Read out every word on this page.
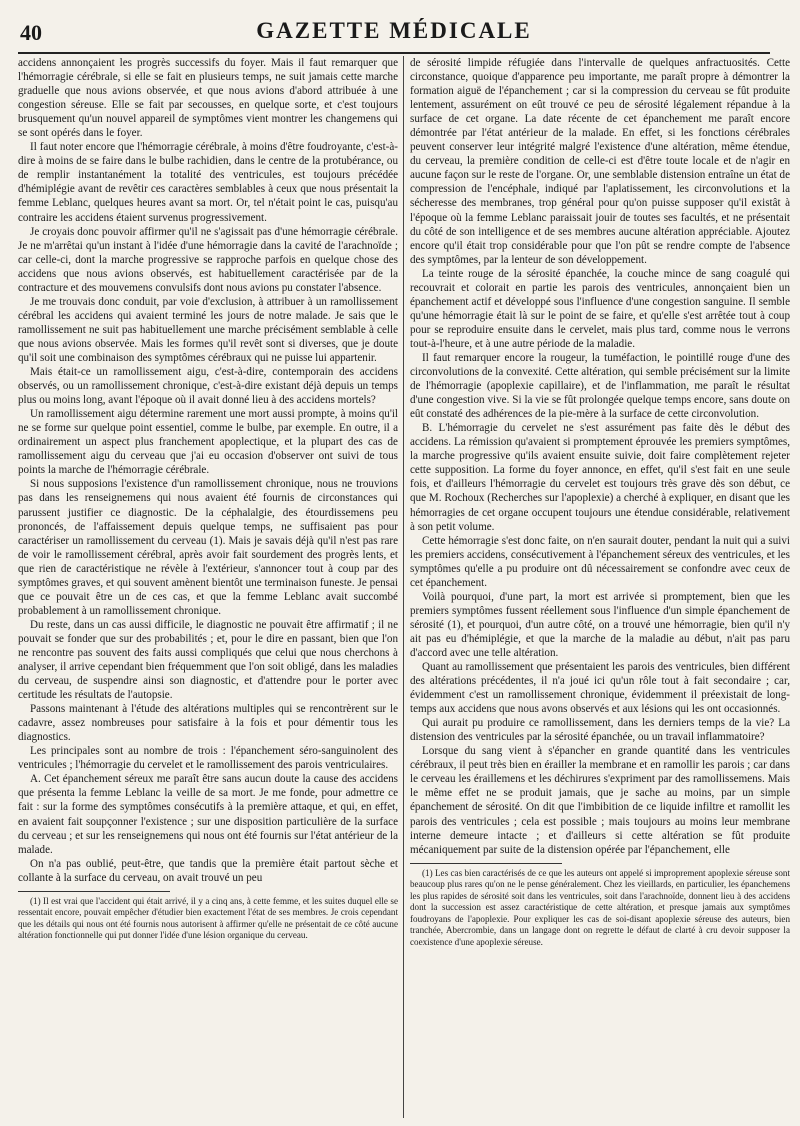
40	GAZETTE MÉDICALE

accidens annonçaient les progrès successifs du foyer. Mais il faut remarquer que l'hémorragie cérébrale, si elle se fait en plusieurs temps, ne suit jamais cette marche graduelle que nous avions observée, et que nous avions d'abord attribuée à une congestion séreuse. Elle se fait par secousses, en quelque sorte, et c'est toujours brusquement qu'un nouvel appareil de symptômes vient montrer les changemens qui se sont opérés dans le foyer.

Il faut noter encore que l'hémorragie cérébrale, à moins d'être foudroyante, c'est-à-dire à moins de se faire dans le bulbe rachidien, dans le centre de la protubérance, ou de remplir instantanément la totalité des ventricules, est toujours précédée d'hémiplégie avant de revêtir ces caractères semblables à ceux que nous présentait la femme Leblanc, quelques heures avant sa mort. Or, tel n'était point le cas, puisqu'au contraire les accidens étaient survenus progressivement.

Je croyais donc pouvoir affirmer qu'il ne s'agissait pas d'une hémorragie cérébrale. Je ne m'arrêtai qu'un instant à l'idée d'une hémorragie dans la cavité de l'arachnoïde ; car celle-ci, dont la marche progressive se rapproche parfois en quelque chose des accidens que nous avions observés, est habituellement caractérisée par de la contracture et des mouvemens convulsifs dont nous avions pu constater l'absence.

Je me trouvais donc conduit, par voie d'exclusion, à attribuer à un ramollissement cérébral les accidens qui avaient terminé les jours de notre malade. Je sais que le ramollissement ne suit pas habituellement une marche précisément semblable à celle que nous avions observée. Mais les formes qu'il revêt sont si diverses, que je doute qu'il soit une combinaison des symptômes cérébraux qui ne puisse lui appartenir.

Mais était-ce un ramollissement aigu, c'est-à-dire, contemporain des accidens observés, ou un ramollissement chronique, c'est-à-dire existant déjà depuis un temps plus ou moins long, avant l'époque où il avait donné lieu à des accidens mortels?

Un ramollissement aigu détermine rarement une mort aussi prompte, à moins qu'il ne se forme sur quelque point essentiel, comme le bulbe, par exemple. En outre, il a ordinairement un aspect plus franchement apoplectique, et la plupart des cas de ramollissement aigu du cerveau que j'ai eu occasion d'observer ont suivi de tous points la marche de l'hémorragie cérébrale.

Si nous supposions l'existence d'un ramollissement chronique, nous ne trouvions pas dans les renseignemens qui nous avaient été fournis de circonstances qui parussent justifier ce diagnostic. De la céphalalgie, des étourdissemens peu prononcés, de l'affaissement depuis quelque temps, ne suffisaient pas pour caractériser un ramollissement du cerveau (1). Mais je savais déjà qu'il n'est pas rare de voir le ramollissement cérébral, après avoir fait sourdement des progrès lents, et que rien de caractéristique ne révèle à l'extérieur, s'annoncer tout à coup par des symptômes graves, et qui souvent amènent bientôt une terminaison funeste. Je pensai que ce pouvait être un de ces cas, et que la femme Leblanc avait succombé probablement à un ramollissement chronique.

Du reste, dans un cas aussi difficile, le diagnostic ne pouvait être affirmatif ; il ne pouvait se fonder que sur des probabilités ; et, pour le dire en passant, bien que l'on ne rencontre pas souvent des faits aussi compliqués que celui que nous cherchons à analyser, il arrive cependant bien fréquemment que l'on soit obligé, dans les maladies du cerveau, de suspendre ainsi son diagnostic, et d'attendre pour le porter avec certitude les résultats de l'autopsie.

Passons maintenant à l'étude des altérations multiples qui se rencontrèrent sur le cadavre, assez nombreuses pour satisfaire à la fois et pour démentir tous les diagnostics.

Les principales sont au nombre de trois : l'épanchement séro-sanguinolent des ventricules ; l'hémorragie du cervelet et le ramollissement des parois ventriculaires.

A. Cet épanchement séreux me paraît être sans aucun doute la cause des accidens que présenta la femme Leblanc la veille de sa mort. Je me fonde, pour admettre ce fait : sur la forme des symptômes consécutifs à la première attaque, et qui, en effet, en avaient fait soupçonner l'existence ; sur une disposition particulière de la surface du cerveau ; et sur les renseignemens qui nous ont été fournis sur l'état antérieur de la malade.

On n'a pas oublié, peut-être, que tandis que la première était partout sèche et collante à la surface du cerveau, on avait trouvé un peu

(1) Il est vrai que l'accident qui était arrivé, il y a cinq ans, à cette femme, et les suites duquel elle se ressentait encore, pouvait empêcher d'étudier bien exactement l'état de ses membres. Je crois cependant que les détails qui nous ont été fournis nous autorisent à affirmer qu'elle ne présentait de ce côté aucune altération fonctionnelle qui put donner l'idée d'une lésion organique du cerveau.

de sérosité limpide réfugiée dans l'intervalle de quelques anfractuosités. Cette circonstance, quoique d'apparence peu importante, me paraît propre à démontrer la formation aiguë de l'épanchement ; car si la compression du cerveau se fût produite lentement, assurément on eût trouvé ce peu de sérosité légalement répandue à la surface de cet organe. La date récente de cet épanchement me paraît encore démontrée par l'état antérieur de la malade. En effet, si les fonctions cérébrales peuvent conserver leur intégrité malgré l'existence d'une altération, même étendue, du cerveau, la première condition de celle-ci est d'être toute locale et de n'agir en aucune façon sur le reste de l'organe. Or, une semblable distension entraîne un état de compression de l'encéphale, indiqué par l'aplatissement, les circonvolutions et la sécheresse des membranes, trop général pour qu'on puisse supposer qu'il existât à l'époque où la femme Leblanc paraissait jouir de toutes ses facultés, et ne présentait du côté de son intelligence et de ses membres aucune altération appréciable. Ajoutez encore qu'il était trop considérable pour que l'on pût se rendre compte de l'absence des symptômes, par la lenteur de son développement.

La teinte rouge de la sérosité épanchée, la couche mince de sang coagulé qui recouvrait et colorait en partie les parois des ventricules, annonçaient bien un épanchement actif et développé sous l'influence d'une congestion sanguine. Il semble qu'une hémorragie était là sur le point de se faire, et qu'elle s'est arrêtée tout à coup pour se reproduire ensuite dans le cervelet, mais plus tard, comme nous le verrons tout-à-l'heure, et à une autre période de la maladie.

Il faut remarquer encore la rougeur, la tuméfaction, le pointillé rouge d'une des circonvolutions de la convexité. Cette altération, qui semble précisément sur la limite de l'hémorragie (apoplexie capillaire), et de l'inflammation, me paraît le résultat d'une congestion vive. Si la vie se fût prolongée quelque temps encore, sans doute on eût constaté des adhérences de la pie-mère à la surface de cette circonvolution.

B. L'hémorragie du cervelet ne s'est assurément pas faite dès le début des accidens. La rémission qu'avaient si promptement éprouvée les premiers symptômes, la marche progressive qu'ils avaient ensuite suivie, doit faire complètement rejeter cette supposition. La forme du foyer annonce, en effet, qu'il s'est fait en une seule fois, et d'ailleurs l'hémorragie du cervelet est toujours très grave dès son début, ce que M. Rochoux (Recherches sur l'apoplexie) a cherché à expliquer, en disant que les hémorragies de cet organe occupent toujours une étendue considérable, relativement à son petit volume.

Cette hémorragie s'est donc faite, on n'en saurait douter, pendant la nuit qui a suivi les premiers accidens, consécutivement à l'épanchement séreux des ventricules, et les symptômes qu'elle a pu produire ont dû nécessairement se confondre avec ceux de cet épanchement.

Voilà pourquoi, d'une part, la mort est arrivée si promptement, bien que les premiers symptômes fussent réellement sous l'influence d'un simple épanchement de sérosité (1), et pourquoi, d'un autre côté, on a trouvé une hémorragie, bien qu'il n'y ait pas eu d'hémiplégie, et que la marche de la maladie au début, n'ait pas paru d'accord avec une telle altération.

Quant au ramollissement que présentaient les parois des ventricules, bien différent des altérations précédentes, il n'a joué ici qu'un rôle tout à fait secondaire ; car, évidemment c'est un ramollissement chronique, évidemment il préexistait de long-temps aux accidens que nous avons observés et aux lésions qui les ont occasionnés.

Qui aurait pu produire ce ramollissement, dans les derniers temps de la vie? La distension des ventricules par la sérosité épanchée, ou un travail inflammatoire?

Lorsque du sang vient à s'épancher en grande quantité dans les ventricules cérébraux, il peut très bien en érailler la membrane et en ramollir les parois ; car dans le cerveau les éraillemens et les déchirures s'expriment par des ramollissemens. Mais le même effet ne se produit jamais, que je sache au moins, par un simple épanchement de sérosité. On dit que l'imbibition de ce liquide infiltre et ramollit les parois des ventricules ; cela est possible ; mais toujours au moins leur membrane interne demeure intacte ; et d'ailleurs si cette altération se fût produite mécaniquement par suite de la distension opérée par l'épanchement, elle

(1) Les cas bien caractérisés de ce que les auteurs ont appelé si improprement apoplexie séreuse sont beaucoup plus rares qu'on ne le pense généralement. Chez les vieillards, en particulier, les épanchemens les plus rapides de sérosité soit dans les ventricules, soit dans l'arachnoïde, donnent lieu à des accidens dont la succession est assez caractéristique de cette altération, et presque jamais aux symptômes foudroyans de l'apoplexie. Pour expliquer les cas de soi-disant apoplexie séreuse des auteurs, bien tranchée, Abercrombie, dans un langage dont on regrette le défaut de clarté à cru devoir supposer la coexistence d'une apoplexie séreuse.
